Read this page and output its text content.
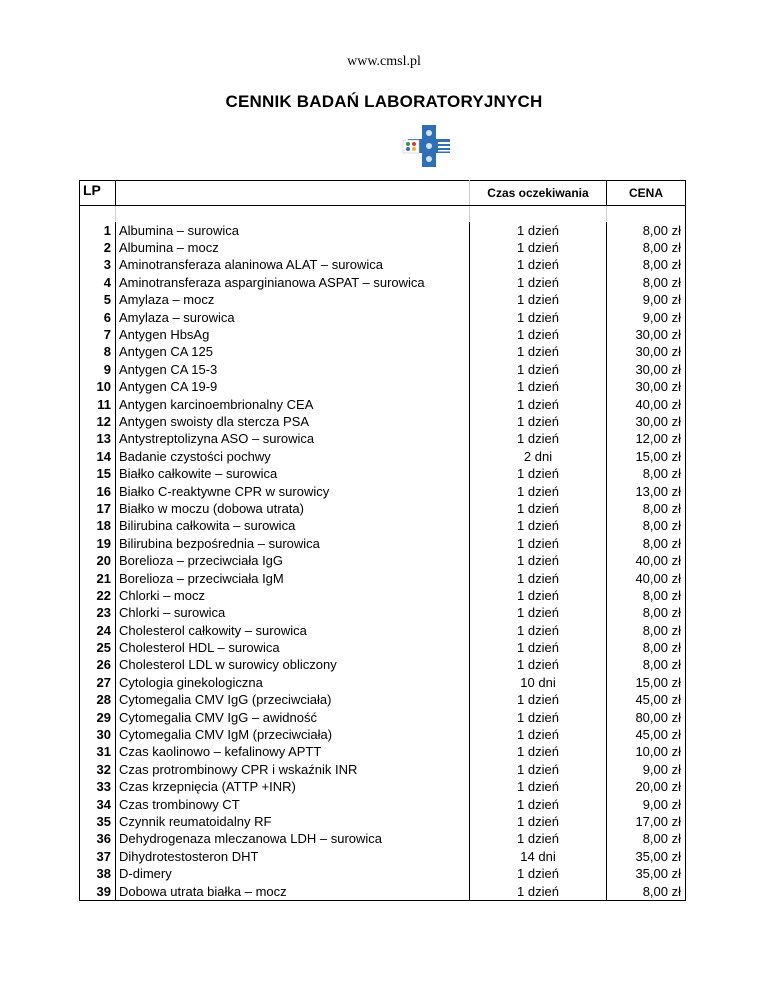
www.cmsl.pl
CENNIK BADAŃ LABORATORYJNYCH
LP		Czas oczekiwania	CENA

1	Albumina – surowica	1 dzień	8,00 zł
2	Albumina – mocz	1 dzień	8,00 zł
3	Aminotransferaza alaninowa ALAT – surowica	1 dzień	8,00 zł
4	Aminotransferaza asparginianowa ASPAT – surowica	1 dzień	8,00 zł
5	Amylaza – mocz	1 dzień	9,00 zł
6	Amylaza – surowica	1 dzień	9,00 zł
7	Antygen HbsAg	1 dzień	30,00 zł
8	Antygen CA 125	1 dzień	30,00 zł
9	Antygen CA 15-3	1 dzień	30,00 zł
10	Antygen CA 19-9	1 dzień	30,00 zł
11	Antygen karcinoembrionalny CEA	1 dzień	40,00 zł
12	Antygen swoisty dla stercza PSA	1 dzień	30,00 zł
13	Antystreptolizyna ASO – surowica	1 dzień	12,00 zł
14	Badanie czystości pochwy	2 dni	15,00 zł
15	Białko całkowite – surowica	1 dzień	8,00 zł
16	Białko C-reaktywne CPR w surowicy	1 dzień	13,00 zł
17	Białko w moczu (dobowa utrata)	1 dzień	8,00 zł
18	Bilirubina całkowita – surowica	1 dzień	8,00 zł
19	Bilirubina bezpośrednia – surowica	1 dzień	8,00 zł
20	Borelioza – przeciwciała IgG	1 dzień	40,00 zł
21	Borelioza – przeciwciała IgM	1 dzień	40,00 zł
22	Chlorki – mocz	1 dzień	8,00 zł
23	Chlorki – surowica	1 dzień	8,00 zł
24	Cholesterol całkowity – surowica	1 dzień	8,00 zł
25	Cholesterol HDL – surowica	1 dzień	8,00 zł
26	Cholesterol LDL w surowicy obliczony	1 dzień	8,00 zł
27	Cytologia ginekologiczna	10 dni	15,00 zł
28	Cytomegalia CMV IgG (przeciwciała)	1 dzień	45,00 zł
29	Cytomegalia CMV IgG – awidność	1 dzień	80,00 zł
30	Cytomegalia CMV IgM (przeciwciała)	1 dzień	45,00 zł
31	Czas kaolinowo – kefalinowy APTT	1 dzień	10,00 zł
32	Czas protrombinowy CPR i wskaźnik INR	1 dzień	9,00 zł
33	Czas krzepnięcia (ATTP +INR)	1 dzień	20,00 zł
34	Czas trombinowy CT	1 dzień	9,00 zł
35	Czynnik reumatoidalny RF	1 dzień	17,00 zł
36	Dehydrogenaza mleczanowa LDH – surowica	1 dzień	8,00 zł
37	Dihydrotestosteron DHT	14 dni	35,00 zł
38	D-dimery	1 dzień	35,00 zł
39	Dobowa utrata białka – mocz	1 dzień	8,00 zł
